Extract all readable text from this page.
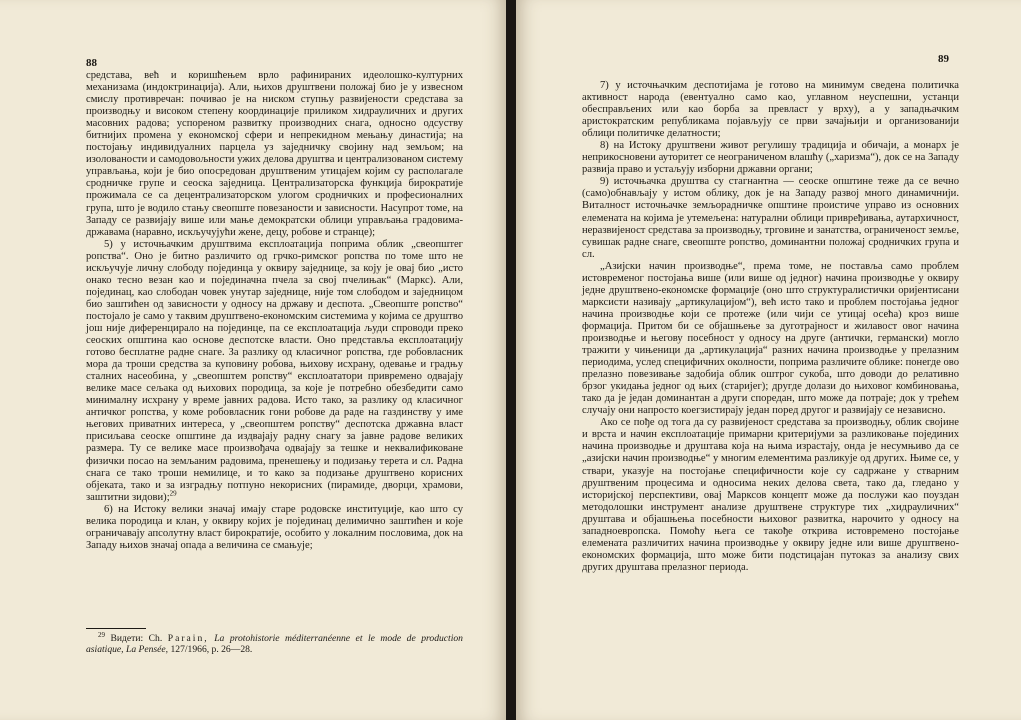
88

средстава, већ и коришћењем врло рафинираних идеолошко-културних механизама (индоктринација). Али, њихов друштвени положај био је у извесном смислу противречан: почивао је на ниском ступњу развијености средстава за производњу и високом степену координације приликом хидрауличних и других масовних радова; успореном развитку производних снага, односно одсуству битнијих промена у економској сфери и непрекидном мењању династија; на постојању индивидуалних парцела уз заједничку својину над земљом; на изолованости и самодовољности ужих делова друштва и централизованом систему управљања, који је био опосредован друштвеним утицајем којим су располагале сродничке групе и сеоска заједница. Централизаторска функција бирократије прожимала се са децентрализаторском улогом сродничких и професионалних група, што је водило стању свеопште повезаности и зависности. Насупрот томе, на Западу се развијају више или мање демократски облици управљања градовима-државама (наравно, искључујући жене, децу, робове и странце);

5) у источњачким друштвима експлоатација поприма облик „свеопштег ропства“. Оно је битно различито од грчко-римског ропства по томе што не искључује личну слободу појединца у оквиру заједнице, за коју је овај био „исто онако тесно везан као и појединачна пчела за свој пчелињак“ (Маркс). Али, појединац, као слободан човек унутар заједнице, није том слободом и заједницом био заштићен од зависности у односу на државу и деспота. „Свеопште ропство“ постојало је само у таквим друштвено-економским системима у којима се друштво још није диференцирало на појединце, па се експлоатација људи спроводи преко сеоских општина као основе деспотске власти. Оно представља експлоатацију готово бесплатне радне снаге. За разлику од класичног ропства, где робовласник мора да троши средства за куповину робова, њихову исхрану, одевање и градњу сталних насеобина, у „свеопштем ропству“ експлоататори привремено одвајају велике масе сељака од њихових породица, за које је потребно обезбедити само минималну исхрану у време јавних радова. Исто тако, за разлику од класичног античког ропства, у коме робовласник гони робове да раде на газдинству у име његових приватних интереса, у „свеопштем ропству“ деспотска државна власт присиљава сеоске општине да издвајају радну снагу за јавне радове великих размера. Ту се велике масе произвођача одвајају за тешке и неквалификоване физички посао на земљаним радовима, пренешењу и подизању терета и сл. Радна снага се тако троши немилице, и то како за подизање друштвено корисних објеката, тако и за изградњу потпуно некорисних (пирамиде, дворци, храмови, заштитни зидови);$^{29}$

6) на Истоку велики значај имају старе родовске институције, као што су велика породица и клан, у оквиру којих је појединац делимично заштићен и које ограничавају апсолутну власт бирократије, особито у локалним пословима, док на Западу њихов значај опада а величина се смањује;

$^{29}$ Видети: Ch. Parain, La protohistorie méditerranéenne et le mode de production asiatique, La Pensée, 127/1966, p. 26—28.
89

7) у источњачким деспотијама је готово на минимум сведена политичка активност народа (евентуално само као, углавном неуспешни, устанци обесправљених или као борба за превласт у врху), а у западњачким аристократским републикама појављују се први зачајњији и организованији облици политичке делатности;

8) на Истоку друштвени живот регулишу традиција и обичаји, а монарх је неприкосновени ауторитет се неограниченом влашћу („харизма“), док се на Западу развија право и устаљују изборни државни органи;

9) источњачка друштва су стагнантна — сеоске општине теже да се вечно (само)обнављају у истом облику, док је на Западу развој много динамичнији. Виталност источњачке земљорадничке општине проистиче управо из основних елемената на којима је утемељена: натурални облици привређивања, аутархичност, неразвијеност средстава за производњу, трговине и занатства, ограниченост земље, сувишак радне снаге, свеопште ропство, доминантни положај сродничких група и сл.

„Азијски начин производње“, према томе, не поставља само проблем истовременог постојања више (или више од једног) начина производње у оквиру једне друштвено-економске формације (оно што структуралистички оријентисани марксисти називају „артикулацијом“), већ исто тако и проблем постојања једног начина производње који се протеже (или чији се утицај осећа) кроз више формација. Притом би се објашњење за дуготрајност и жилавост овог начина производње и његову посебност у односу на друге (антички, германски) могло тражити у чињеници да „артикулација“ разних начина производње у прелазним периодима, услед специфичних околности, поприма различите облике: понегде ово прелазно повезивање задобија облик оштрог сукоба, што доводи до релативно брзог укидања једног од њих (старијег); другде долази до њиховог комбиновања, тако да је један доминантан а други споредан, што може да потраје; док у трећем случају они напросто коегзистирају један поред другог и развијају се независно.

Ако се пође од тога да су развијеност средстава за производњу, облик својине и врста и начин експлоатације примарни критеријуми за разликовање појединих начина производње и друштава која на њима израстају, онда је несумњиво да се „азијски начин производње“ у многим елементима разликује од других. Њиме се, у ствари, указује на постојање специфичности које су садржане у стварним друштвеним процесима и односима неких делова света, тако да, гледано у историјској перспективи, овај Марксов концепт може да послужи као поуздан методолошки инструмент анализе друштвене структуре тих „хидрауличних“ друштава и објашњења посебности њиховог развитка, нарочито у односу на западноевропска. Помоћу њега се такође открива истовремено постојање елемената различитих начина производње у оквиру једне или више друштвено-економских формација, што може бити подстицајан путоказ за анализу свих других друштава прелазног периода.
